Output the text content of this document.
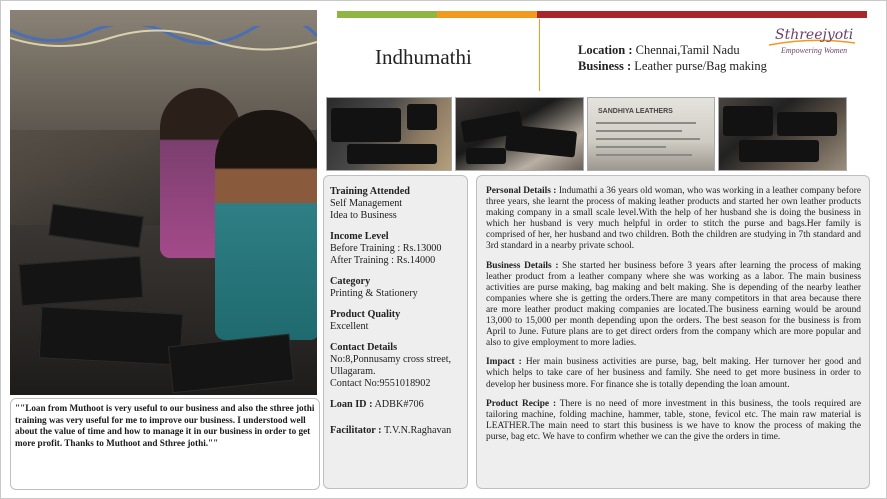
""Loan from Muthoot is very useful to our business and also the sthree jothi training was very useful for me to improve our business. I understood well about the value of time and how to manage it in our business in order to get more profit. Thanks to Muthoot and Sthree jothi.""
Indhumathi	Location : Chennai,Tamil Nadu
Business : Leather purse/Bag making
Sthreejyoti
Empowering Women
SANDHIYA LEATHERS
Training Attended
Self Management
Idea to Business
Income Level
Before Training : Rs.13000
After Training : Rs.14000
Category
Printing & Stationery
Product Quality
Excellent
Contact Details
No:8,Ponnusamy cross street,
Ullagaram.
Contact No:9551018902
Loan ID : ADBK#706
Facilitator : T.V.N.Raghavan

Personal Details : Indumathi a 36 years old woman, who was working in a leather company before three years, she learnt the process of making leather products and started her own leather products making company in a small scale level.With the help of her husband she is doing the business in which her husband is very much helpful in order to stitch the purse and bags.Her family is comprised of her, her husband and two children. Both the children are studying in 7th standard and 3rd standard in a nearby private school.

Business Details : She started her business before 3 years after learning the process of making leather product from a leather company where she was working as a labor. The main business activities are purse making, bag making and belt making. She is depending of the nearby leather companies where she is getting the orders.There are many competitors in that area because there are more leather product making companies are located.The business earning would be around 13,000 to 15,000 per month depending upon the orders. The best season for the business is from April to June. Future plans are to get direct orders from the company which are more popular and also to give employment to more ladies.

Impact : Her main business activities are purse, bag, belt making. Her turnover her good and which helps to take care of her business and family. She need to get more business in order to develop her business more. For finance she is totally depending the loan amount.

Product Recipe : There is no need of more investment in this business, the tools required are tailoring machine, folding machine, hammer, table, stone, fevicol etc. The main raw material is LEATHER.The main need to start this business is we have to know the process of making the purse, bag etc. We have to confirm whether we can the give the orders in time.
